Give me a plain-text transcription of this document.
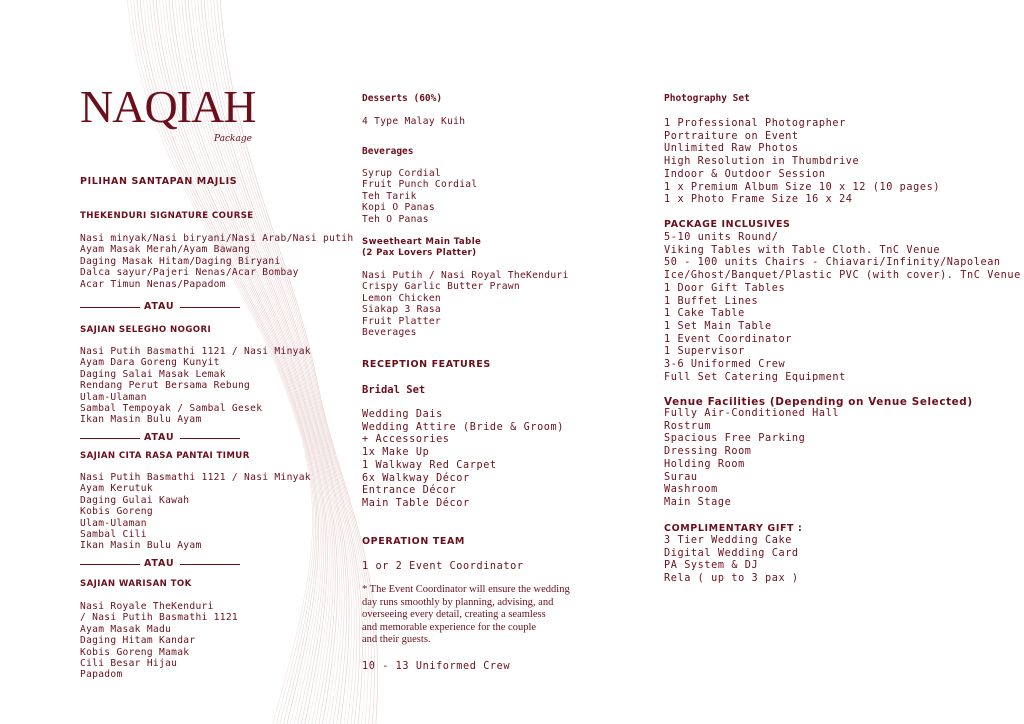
NAQIAH
Package
PILIHAN SANTAPAN MAJLIS
THEKENDURI SIGNATURE COURSE
Nasi minyak/Nasi biryani/Nasi Arab/Nasi putih
Ayam Masak Merah/Ayam Bawang
Daging Masak Hitam/Daging Biryani
Dalca sayur/Pajeri Nenas/Acar Bombay
Acar Timun Nenas/Papadom
ATAU
SAJIAN SELEGHO NOGORI
Nasi Putih Basmathi 1121 / Nasi Minyak
Ayam Dara Goreng Kunyit
Daging Salai Masak Lemak
Rendang Perut Bersama Rebung
Ulam-Ulaman
Sambal Tempoyak / Sambal Gesek
Ikan Masin Bulu Ayam
ATAU
SAJIAN CITA RASA PANTAI TIMUR
Nasi Putih Basmathi 1121 / Nasi Minyak
Ayam Kerutuk
Daging Gulai Kawah
Kobis Goreng
Ulam-Ulaman
Sambal Cili
Ikan Masin Bulu Ayam
ATAU
SAJIAN WARISAN TOK
Nasi Royale TheKenduri
/ Nasi Putih Basmathi 1121
Ayam Masak Madu
Daging Hitam Kandar
Kobis Goreng Mamak
Cili Besar Hijau
Papadom
Desserts (60%)
4 Type Malay Kuih
Beverages
Syrup Cordial
Fruit Punch Cordial
Teh Tarik
Kopi O Panas
Teh O Panas
Sweetheart Main Table
(2 Pax Lovers Platter)
Nasi Putih / Nasi Royal TheKenduri
Crispy Garlic Butter Prawn
Lemon Chicken
Siakap 3 Rasa
Fruit Platter
Beverages
RECEPTION FEATURES
Bridal Set
Wedding Dais
Wedding Attire (Bride & Groom)
+ Accessories
1x Make Up
1 Walkway Red Carpet
6x Walkway Décor
Entrance Décor
Main Table Décor
OPERATION TEAM
1 or 2 Event Coordinator

* The Event Coordinator will ensure the wedding

day runs smoothly by planning, advising, and

overseeing every detail, creating a seamless

and memorable experience for the couple

and their guests.

10 - 13 Uniformed Crew
Photography Set
1 Professional Photographer
Portraiture on Event
Unlimited Raw Photos
High Resolution in Thumbdrive
Indoor & Outdoor Session
1 x Premium Album Size 10 x 12 (10 pages)
1 x Photo Frame Size 16 x 24
PACKAGE INCLUSIVES
5-10 units Round/
Viking Tables with Table Cloth. TnC Venue
50 - 100 units Chairs - Chiavari/Infinity/Napolean
Ice/Ghost/Banquet/Plastic PVC (with cover). TnC Venue
1 Door Gift Tables
1 Buffet Lines
1 Cake Table
1 Set Main Table
1 Event Coordinator
1 Supervisor
3-6 Uniformed Crew
Full Set Catering Equipment
Venue Facilities (Depending on Venue Selected)
Fully Air-Conditioned Hall
Rostrum
Spacious Free Parking
Dressing Room
Holding Room
Surau
Washroom
Main Stage
COMPLIMENTARY GIFT :
3 Tier Wedding Cake
Digital Wedding Card
PA System & DJ
Rela ( up to 3 pax )
